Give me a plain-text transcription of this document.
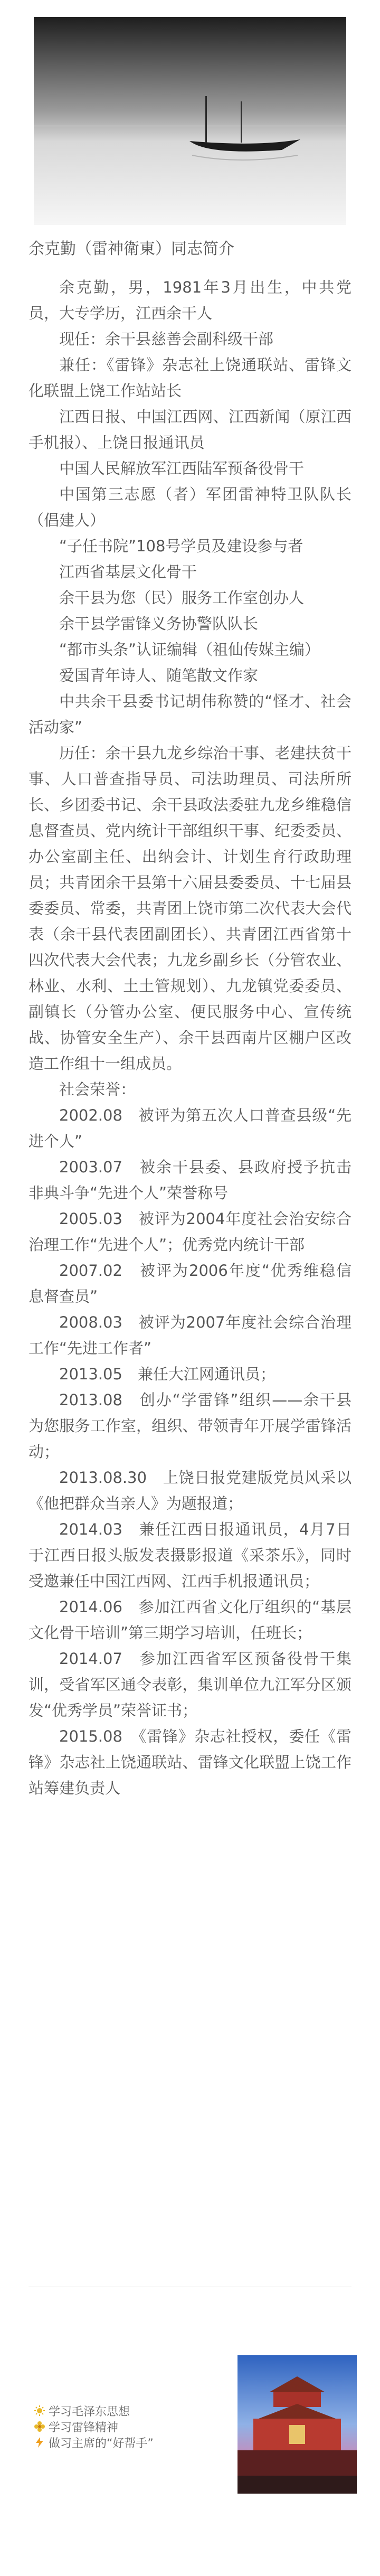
余克勤（雷神衛東）同志简介

余克勤，男，1981年3月出生，中共党员，大专学历，江西余干人

现任：余干县慈善会副科级干部

兼任：《雷锋》杂志社上饶通联站、雷锋文化联盟上饶工作站站长

江西日报、中国江西网、江西新闻（原江西手机报）、上饶日报通讯员

中国人民解放军江西陆军预备役骨干

中国第三志愿（者）军团雷神特卫队队长（倡建人）

“子任书院”108号学员及建设参与者

江西省基层文化骨干

余干县为您（民）服务工作室创办人

余干县学雷锋义务协警队队长

“都市头条”认证编辑（祖仙传媒主编）

爱国青年诗人、随笔散文作家

中共余干县委书记胡伟称赞的“怪才、社会活动家”

历任：余干县九龙乡综治干事、老建扶贫干事、人口普查指导员、司法助理员、司法所所长、乡团委书记、余干县政法委驻九龙乡维稳信息督查员、党内统计干部组织干事、纪委委员、办公室副主任、出纳会计、计划生育行政助理员；共青团余干县第十六届县委委员、十七届县委委员、常委，共青团上饶市第二次代表大会代表（余干县代表团副团长）、共青团江西省第十四次代表大会代表；九龙乡副乡长（分管农业、林业、水利、土土管规划）、九龙镇党委委员、副镇长（分管办公室、便民服务中心、宣传统战、协管安全生产）、余干县西南片区棚户区改造工作组十一组成员。

社会荣誉：

2002.08　被评为第五次人口普查县级“先进个人”

2003.07　被余干县委、县政府授予抗击非典斗争“先进个人”荣誉称号

2005.03　被评为2004年度社会治安综合治理工作“先进个人”；优秀党内统计干部

2007.02　被评为2006年度“优秀维稳信息督查员”

2008.03　被评为2007年度社会综合治理工作“先进工作者”

2013.05　兼任大江网通讯员；

2013.08　创办“学雷锋”组织——余干县为您服务工作室，组织、带领青年开展学雷锋活动；

2013.08.30　上饶日报党建版党员风采以《他把群众当亲人》为题报道；

2014.03　兼任江西日报通讯员，4月7日于江西日报头版发表摄影报道《采茶乐》，同时受邀兼任中国江西网、江西手机报通讯员；

2014.06　参加江西省文化厅组织的“基层文化骨干培训”第三期学习培训，任班长；

2014.07　参加江西省军区预备役骨干集训，受省军区通令表彰，集训单位九江军分区颁发“优秀学员”荣誉证书；

2015.08　《雷锋》杂志社授权，委任《雷锋》杂志社上饶通联站、雷锋文化联盟上饶工作站筹建负责人

学习毛泽东思想
学习雷锋精神
做习主席的“好帮手”
